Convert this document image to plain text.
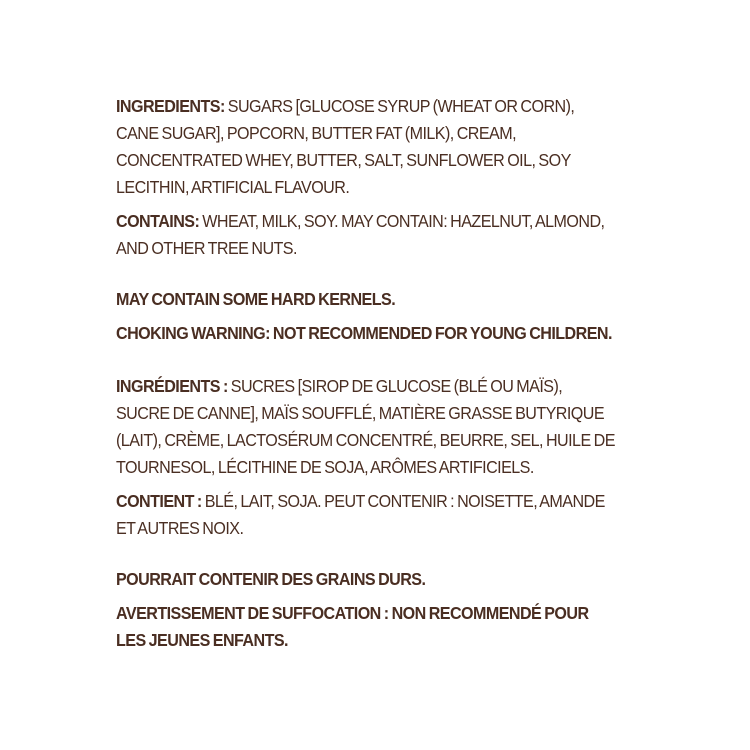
INGREDIENTS: SUGARS [GLUCOSE SYRUP (WHEAT OR CORN), CANE SUGAR], POPCORN, BUTTER FAT (MILK), CREAM, CONCENTRATED WHEY, BUTTER, SALT, SUNFLOWER OIL, SOY LECITHIN, ARTIFICIAL FLAVOUR.

CONTAINS: WHEAT, MILK, SOY. MAY CONTAIN: HAZELNUT, ALMOND, AND OTHER TREE NUTS.

MAY CONTAIN SOME HARD KERNELS.

CHOKING WARNING: NOT RECOMMENDED FOR YOUNG CHILDREN.

INGRÉDIENTS : SUCRES [SIROP DE GLUCOSE (BLÉ OU MAÏS), SUCRE DE CANNE], MAÏS SOUFFLÉ, MATIÈRE GRASSE BUTYRIQUE (LAIT), CRÈME, LACTOSÉRUM CONCENTRÉ, BEURRE, SEL, HUILE DE TOURNESOL, LÉCITHINE DE SOJA, ARÔMES ARTIFICIELS.

CONTIENT : BLÉ, LAIT, SOJA. PEUT CONTENIR : NOISETTE, AMANDE ET AUTRES NOIX.

POURRAIT CONTENIR DES GRAINS DURS.

AVERTISSEMENT DE SUFFOCATION : NON RECOMMENDÉ POUR LES JEUNES ENFANTS.
